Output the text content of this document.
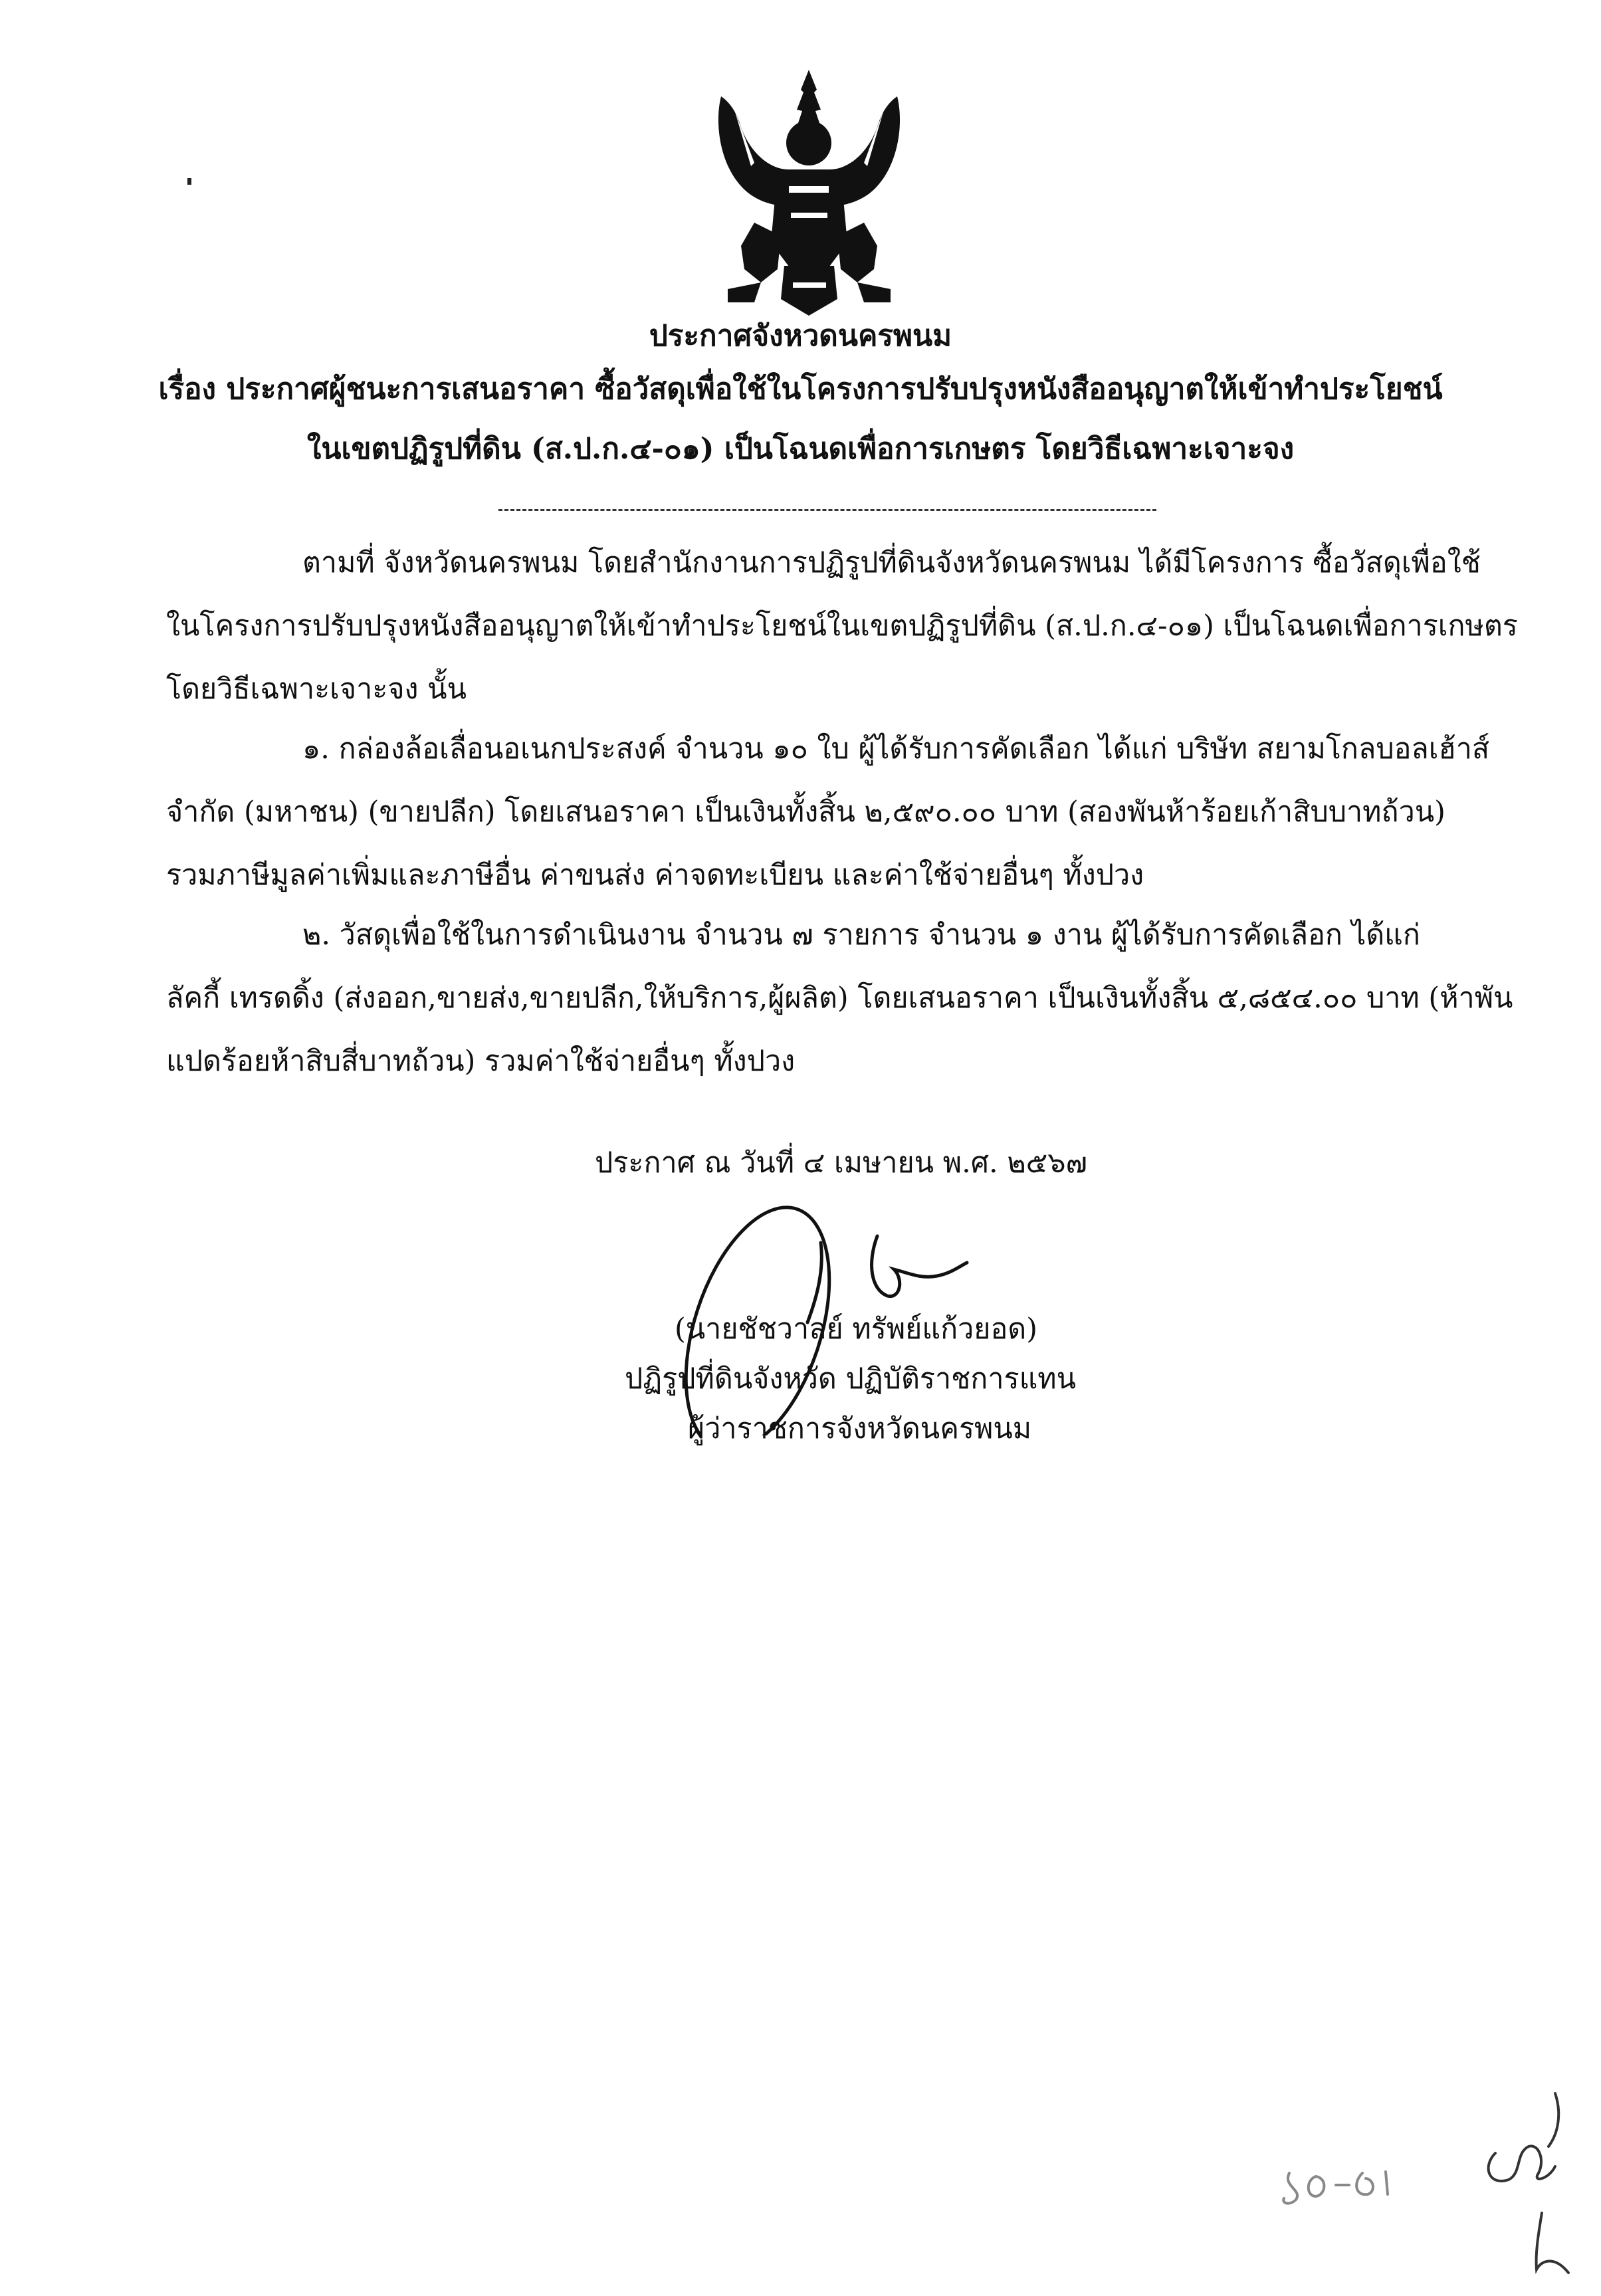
ประกาศจังหวดนครพนม
เรื่อง ประกาศผู้ชนะการเสนอราคา ซื้อวัสดุเพื่อใช้ในโครงการปรับปรุงหนังสืออนุญาตให้เข้าทำประโยชน์
ในเขตปฏิรูปที่ดิน (ส.ป.ก.๔-๐๑) เป็นโฉนดเพื่อการเกษตร โดยวิธีเฉพาะเจาะจง
ตามที่ จังหวัดนครพนม โดยสำนักงานการปฏิรูปที่ดินจังหวัดนครพนม ได้มีโครงการ ซื้อวัสดุเพื่อใช้
ในโครงการปรับปรุงหนังสืออนุญาตให้เข้าทำประโยชน์ในเขตปฏิรูปที่ดิน (ส.ป.ก.๔-๐๑) เป็นโฉนดเพื่อการเกษตร
โดยวิธีเฉพาะเจาะจง นั้น
๑. กล่องล้อเลื่อนอเนกประสงค์ จำนวน ๑๐ ใบ ผู้ได้รับการคัดเลือก ได้แก่ บริษัท สยามโกลบอลเฮ้าส์
จำกัด (มหาชน) (ขายปลีก) โดยเสนอราคา เป็นเงินทั้งสิ้น ๒,๕๙๐.๐๐ บาท (สองพันห้าร้อยเก้าสิบบาทถ้วน)
รวมภาษีมูลค่าเพิ่มและภาษีอื่น ค่าขนส่ง ค่าจดทะเบียน และค่าใช้จ่ายอื่นๆ ทั้งปวง
๒. วัสดุเพื่อใช้ในการดำเนินงาน จำนวน ๗ รายการ จำนวน ๑ งาน ผู้ได้รับการคัดเลือก ได้แก่
ลัคกี้ เทรดดิ้ง (ส่งออก,ขายส่ง,ขายปลีก,ให้บริการ,ผู้ผลิต) โดยเสนอราคา เป็นเงินทั้งสิ้น ๕,๘๕๔.๐๐ บาท (ห้าพัน
แปดร้อยห้าสิบสี่บาทถ้วน) รวมค่าใช้จ่ายอื่นๆ ทั้งปวง
ประกาศ ณ วันที่ ๔ เมษายน พ.ศ. ๒๕๖๗
(นายชัชวาลย์ ทรัพย์แก้วยอด)
ปฏิรูปที่ดินจังหวัด ปฏิบัติราชการแทน
ผู้ว่าราชการจังหวัดนครพนม
